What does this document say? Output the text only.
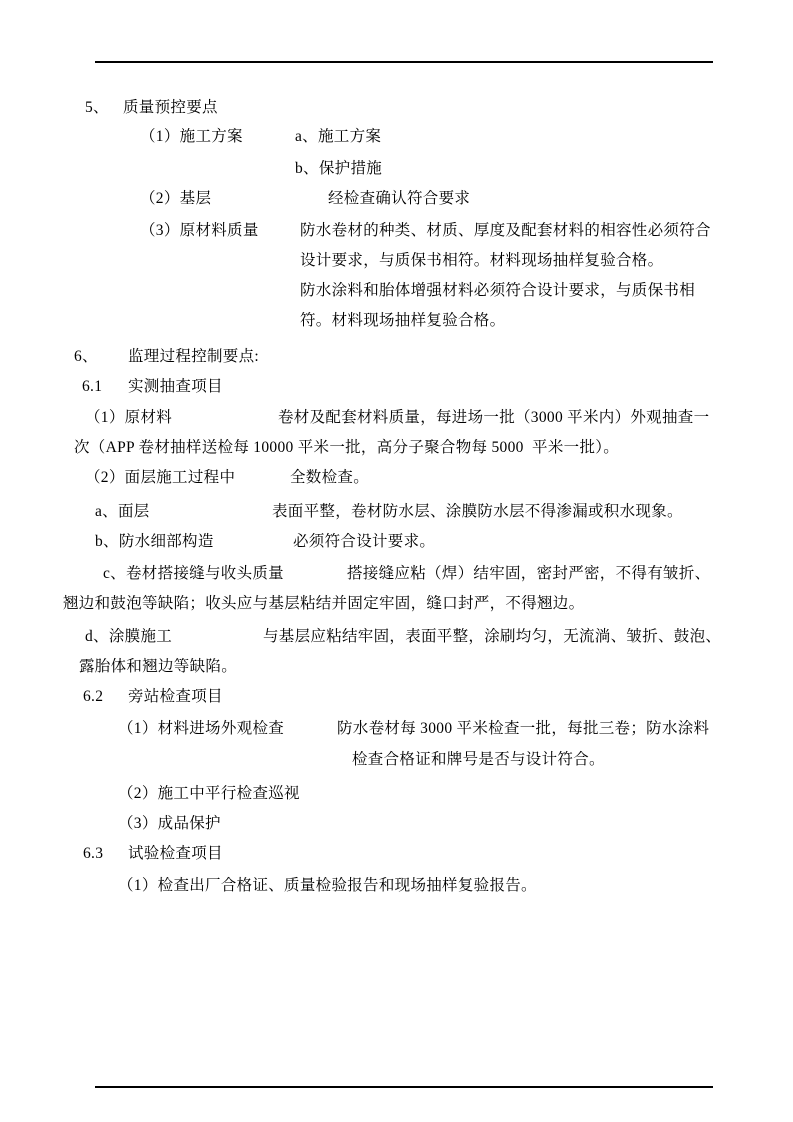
5、 质量预控要点
（1）施工方案	a、施工方案
b、保护措施
（2）基层	经检查确认符合要求
（3）原材料质量	防水卷材的种类、材质、厚度及配套材料的相容性必须符合
设计要求，与质保书相符。材料现场抽样复验合格。
防水涂料和胎体增强材料必须符合设计要求，与质保书相
符。材料现场抽样复验合格。
6、 监理过程控制要点:
6.1 实测抽查项目
（1）原材料	卷材及配套材料质量，每进场一批（3000 平米内）外观抽查一
次（APP 卷材抽样送检每 10000 平米一批，高分子聚合物每 5000  平米一批）。
（2）面层施工过程中	全数检查。
a、面层	表面平整，卷材防水层、涂膜防水层不得渗漏或积水现象。
b、防水细部构造	必须符合设计要求。
c、卷材搭接缝与收头质量	搭接缝应粘（焊）结牢固，密封严密，不得有皱折、
翘边和鼓泡等缺陷；收头应与基层粘结并固定牢固，缝口封严，不得翘边。
d、涂膜施工	与基层应粘结牢固，表面平整，涂刷均匀，无流淌、皱折、鼓泡、
露胎体和翘边等缺陷。
6.2 旁站检查项目
（1）材料进场外观检查	防水卷材每 3000 平米检查一批，每批三卷；防水涂料
检查合格证和牌号是否与设计符合。
（2）施工中平行检查巡视
（3）成品保护
6.3 试验检查项目
（1）检查出厂合格证、质量检验报告和现场抽样复验报告。
